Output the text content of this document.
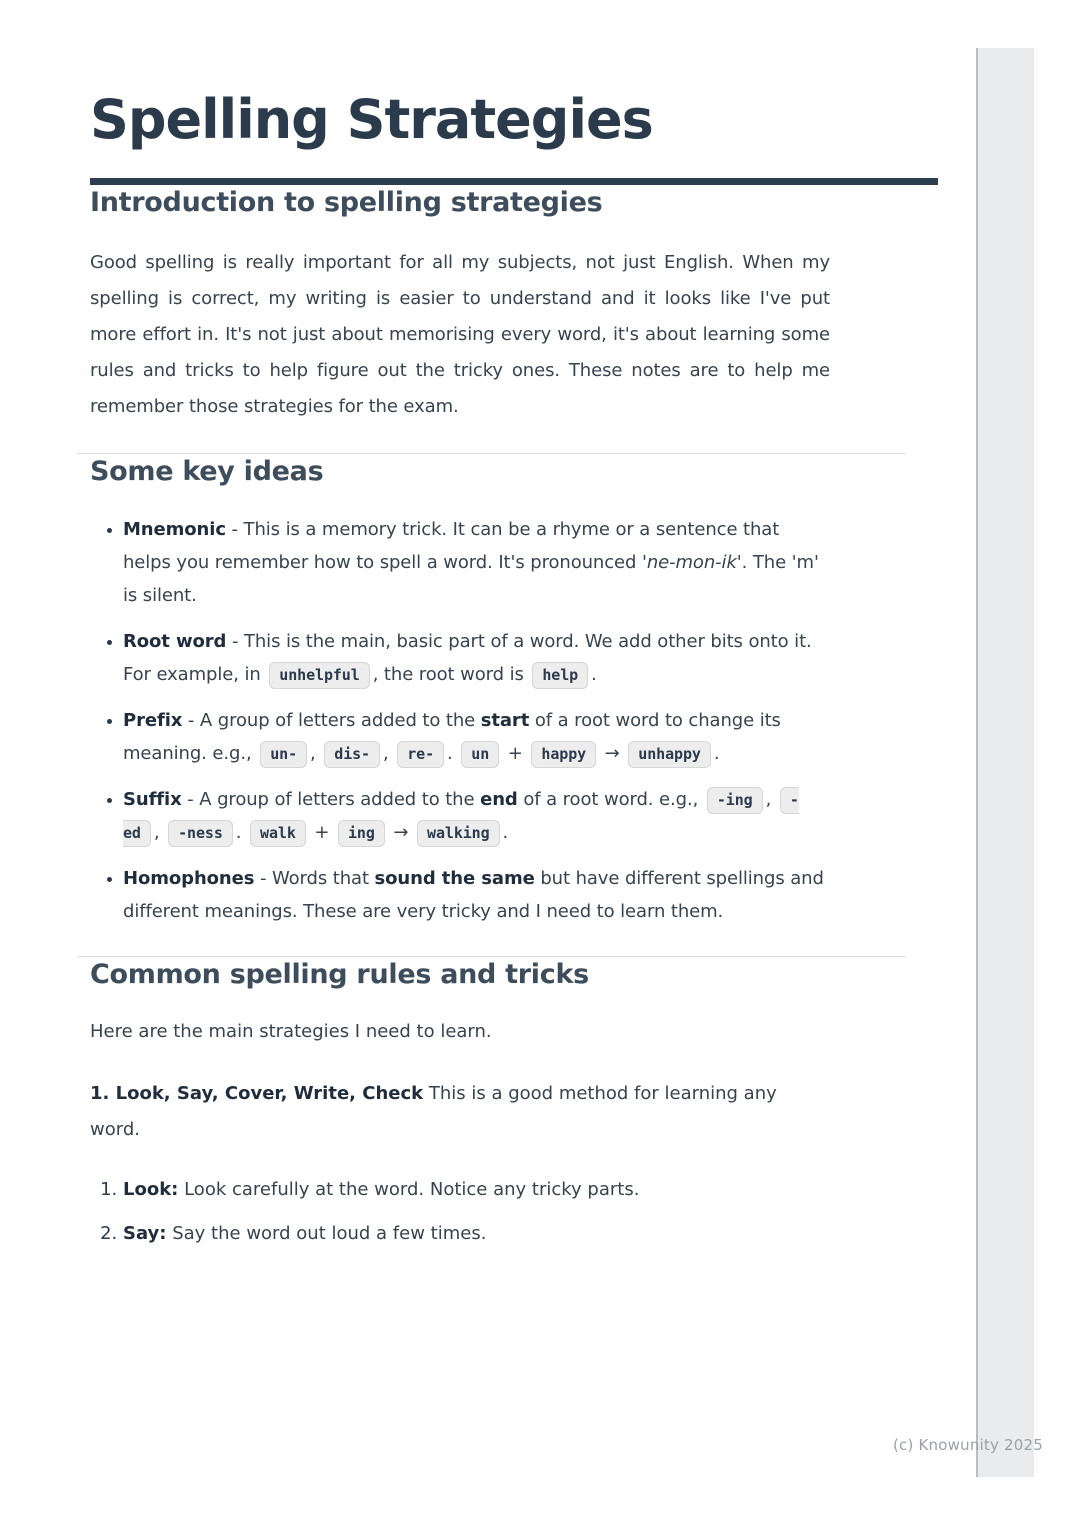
(c) Knowunity 2025
Spelling Strategies
Introduction to spelling strategies

Good spelling is really important for all my subjects, not just English. When my spelling is correct, my writing is easier to understand and it looks like I've put more effort in. It's not just about memorising every word, it's about learning some rules and tricks to help figure out the tricky ones. These notes are to help me remember those strategies for the exam.

Some key ideas
• Mnemonic - This is a memory trick. It can be a rhyme or a sentence that helps you remember how to spell a word. It's pronounced 'ne-mon-ik'. The 'm' is silent.
• Root word - This is the main, basic part of a word. We add other bits onto it. For example, in unhelpful , the root word is help .
• Prefix - A group of letters added to the start of a root word to change its meaning. e.g., un- , dis- , re- . un + happy → unhappy .
• Suffix - A group of letters added to the end of a root word. e.g., -ing , -ed , -ness . walk + ing → walking .
• Homophones - Words that sound the same but have different spellings and different meanings. These are very tricky and I need to learn them.
Common spelling rules and tricks

Here are the main strategies I need to learn.

1. Look, Say, Cover, Write, Check This is a good method for learning any word.

1. Look: Look carefully at the word. Notice any tricky parts.
2. Say: Say the word out loud a few times.
